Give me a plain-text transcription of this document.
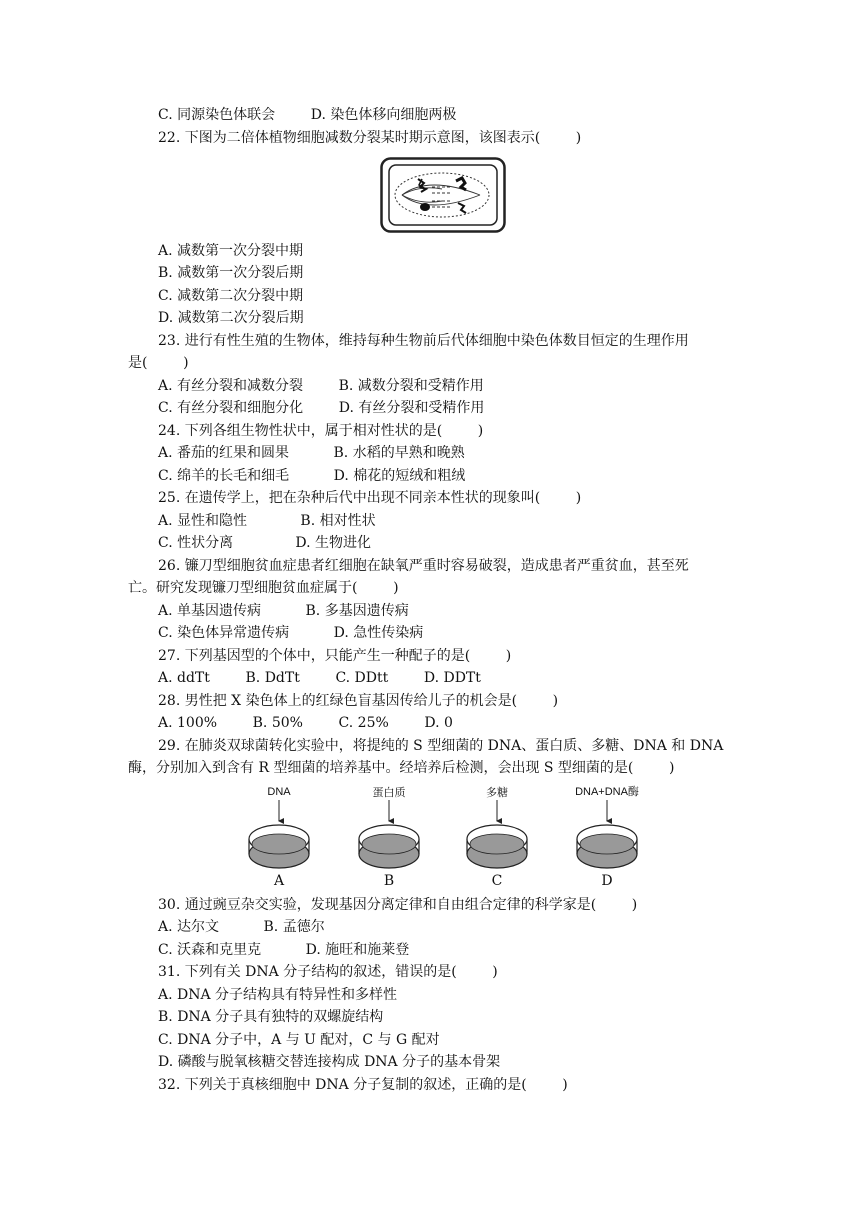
C. 同源染色体联会        D. 染色体移向细胞两极
22. 下图为二倍体植物细胞减数分裂某时期示意图，该图表示(        )
A. 减数第一次分裂中期
B. 减数第一次分裂后期
C. 减数第二次分裂中期
D. 减数第二次分裂后期
23. 进行有性生殖的生物体，维持每种生物前后代体细胞中染色体数目恒定的生理作用
是(        )
A. 有丝分裂和减数分裂        B. 减数分裂和受精作用
C. 有丝分裂和细胞分化        D. 有丝分裂和受精作用
24. 下列各组生物性状中，属于相对性状的是(        )
A. 番茄的红果和圆果          B. 水稻的早熟和晚熟
C. 绵羊的长毛和细毛          D. 棉花的短绒和粗绒
25. 在遗传学上，把在杂种后代中出现不同亲本性状的现象叫(        )
A. 显性和隐性            B. 相对性状
C. 性状分离              D. 生物进化
26. 镰刀型细胞贫血症患者红细胞在缺氧严重时容易破裂，造成患者严重贫血，甚至死
亡。研究发现镰刀型细胞贫血症属于(        )
A. 单基因遗传病          B. 多基因遗传病
C. 染色体异常遗传病          D. 急性传染病
27. 下列基因型的个体中，只能产生一种配子的是(        )
A. ddTt        B. DdTt        C. DDtt        D. DDTt
28. 男性把 X 染色体上的红绿色盲基因传给儿子的机会是(        )
A. 100%        B. 50%        C. 25%        D. 0
29. 在肺炎双球菌转化实验中，将提纯的 S 型细菌的 DNA、蛋白质、多糖、DNA 和 DNA
酶，分别加入到含有 R 型细菌的培养基中。经培养后检测，会出现 S 型细菌的是(        )
DNA	蛋白质	多糖	DNA+DNA酶
A	B	C	D
30. 通过豌豆杂交实验，发现基因分离定律和自由组合定律的科学家是(        )
A. 达尔文          B. 孟德尔
C. 沃森和克里克          D. 施旺和施莱登
31. 下列有关 DNA 分子结构的叙述，错误的是(        )
A. DNA 分子结构具有特异性和多样性
B. DNA 分子具有独特的双螺旋结构
C. DNA 分子中，A 与 U 配对，C 与 G 配对
D. 磷酸与脱氧核糖交替连接构成 DNA 分子的基本骨架
32. 下列关于真核细胞中 DNA 分子复制的叙述，正确的是(        )
